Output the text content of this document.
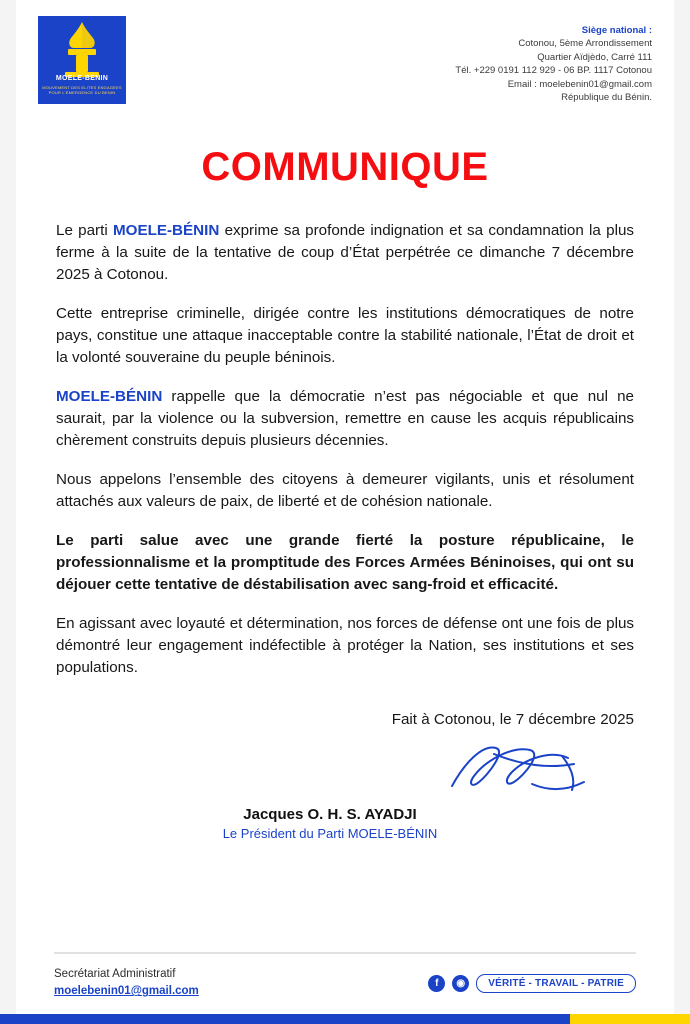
MOELE-BENIN
MOUVEMENT DES ELITES ENGAGEES POUR L'EMERGENCE DU BENIN
Siège national :
Cotonou, 5ème Arrondissement
Quartier Aïdjèdo, Carré 111
Tél. +229 0191 112 929 - 06 BP. 1117 Cotonou
Email : moelebenin01@gmail.com
République du Bénin.
COMMUNIQUE

Le parti MOELE-BÉNIN exprime sa profonde indignation et sa condamnation la plus ferme à la suite de la tentative de coup d’État perpétrée ce dimanche 7 décembre 2025 à Cotonou.

Cette entreprise criminelle, dirigée contre les institutions démocratiques de notre pays, constitue une attaque inacceptable contre la stabilité nationale, l’État de droit et la volonté souveraine du peuple béninois.

MOELE-BÉNIN rappelle que la démocratie n’est pas négociable et que nul ne saurait, par la violence ou la subversion, remettre en cause les acquis républicains chèrement construits depuis plusieurs décennies.

Nous appelons l’ensemble des citoyens à demeurer vigilants, unis et résolument attachés aux valeurs de paix, de liberté et de cohésion nationale.

Le parti salue avec une grande fierté la posture républicaine, le professionnalisme et la promptitude des Forces Armées Béninoises, qui ont su déjouer cette tentative de déstabilisation avec sang-froid et efficacité.

En agissant avec loyauté et détermination, nos forces de défense ont une fois de plus démontré leur engagement indéfectible à protéger la Nation, ses institutions et ses populations.

Fait à Cotonou, le 7 décembre 2025
Jacques O. H. S. AYADJI
Le Président du Parti MOELE-BÉNIN
Secrétariat Administratif
moelebenin01@gmail.com
f	◉	VÉRITÉ - TRAVAIL - PATRIE
